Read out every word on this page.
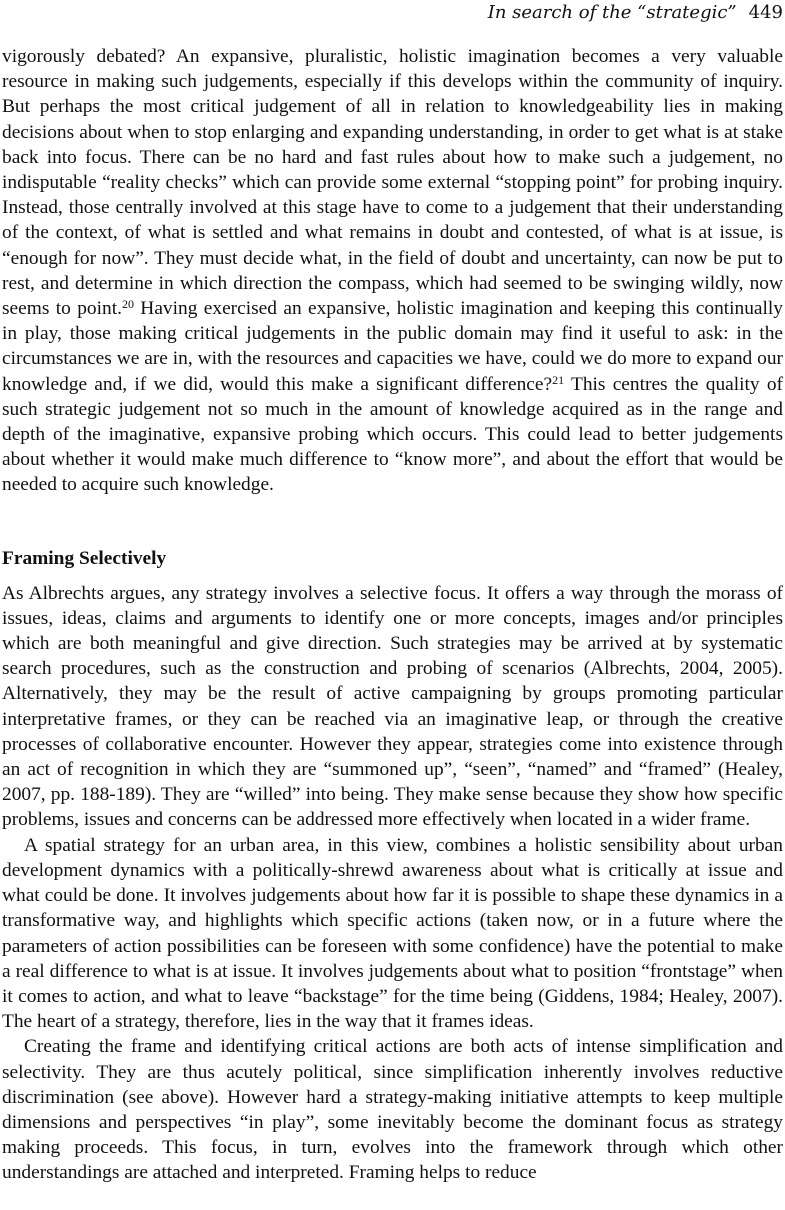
In search of the “strategic” 449

vigorously debated? An expansive, pluralistic, holistic imagination becomes a very valuable resource in making such judgements, especially if this develops within the community of inquiry. But perhaps the most critical judgement of all in relation to knowledgeability lies in making decisions about when to stop enlarging and expanding understanding, in order to get what is at stake back into focus. There can be no hard and fast rules about how to make such a judgement, no indisputable “reality checks” which can provide some external “stopping point” for probing inquiry. Instead, those centrally involved at this stage have to come to a judgement that their understanding of the context, of what is settled and what remains in doubt and contested, of what is at issue, is “enough for now”. They must decide what, in the field of doubt and uncertainty, can now be put to rest, and determine in which direction the compass, which had seemed to be swinging wildly, now seems to point.$^{20}$ Having exercised an expansive, holistic imagination and keeping this continually in play, those making critical judgements in the public domain may find it useful to ask: in the circumstances we are in, with the resources and capacities we have, could we do more to expand our knowledge and, if we did, would this make a significant difference?$^{21}$ This centres the quality of such strategic judgement not so much in the amount of knowledge acquired as in the range and depth of the imaginative, expansive probing which occurs. This could lead to better judgements about whether it would make much difference to “know more”, and about the effort that would be needed to acquire such knowledge.

Framing Selectively

As Albrechts argues, any strategy involves a selective focus. It offers a way through the morass of issues, ideas, claims and arguments to identify one or more concepts, images and/or principles which are both meaningful and give direction. Such strategies may be arrived at by systematic search procedures, such as the construction and probing of scenarios (Albrechts, 2004, 2005). Alternatively, they may be the result of active campaigning by groups promoting particular interpretative frames, or they can be reached via an imaginative leap, or through the creative processes of collaborative encounter. However they appear, strategies come into existence through an act of recognition in which they are “summoned up”, “seen”, “named” and “framed” (Healey, 2007, pp. 188-189). They are “willed” into being. They make sense because they show how specific problems, issues and concerns can be addressed more effectively when located in a wider frame.

A spatial strategy for an urban area, in this view, combines a holistic sensibility about urban development dynamics with a politically-shrewd awareness about what is critically at issue and what could be done. It involves judgements about how far it is possible to shape these dynamics in a transformative way, and highlights which specific actions (taken now, or in a future where the parameters of action possibilities can be foreseen with some confidence) have the potential to make a real difference to what is at issue. It involves judgements about what to position “frontstage” when it comes to action, and what to leave “backstage” for the time being (Giddens, 1984; Healey, 2007). The heart of a strategy, therefore, lies in the way that it frames ideas.

Creating the frame and identifying critical actions are both acts of intense simplification and selectivity. They are thus acutely political, since simplification inherently involves reductive discrimination (see above). However hard a strategy-making initiative attempts to keep multiple dimensions and perspectives “in play”, some inevitably become the dominant focus as strategy making proceeds. This focus, in turn, evolves into the framework through which other understandings are attached and interpreted. Framing helps to reduce
